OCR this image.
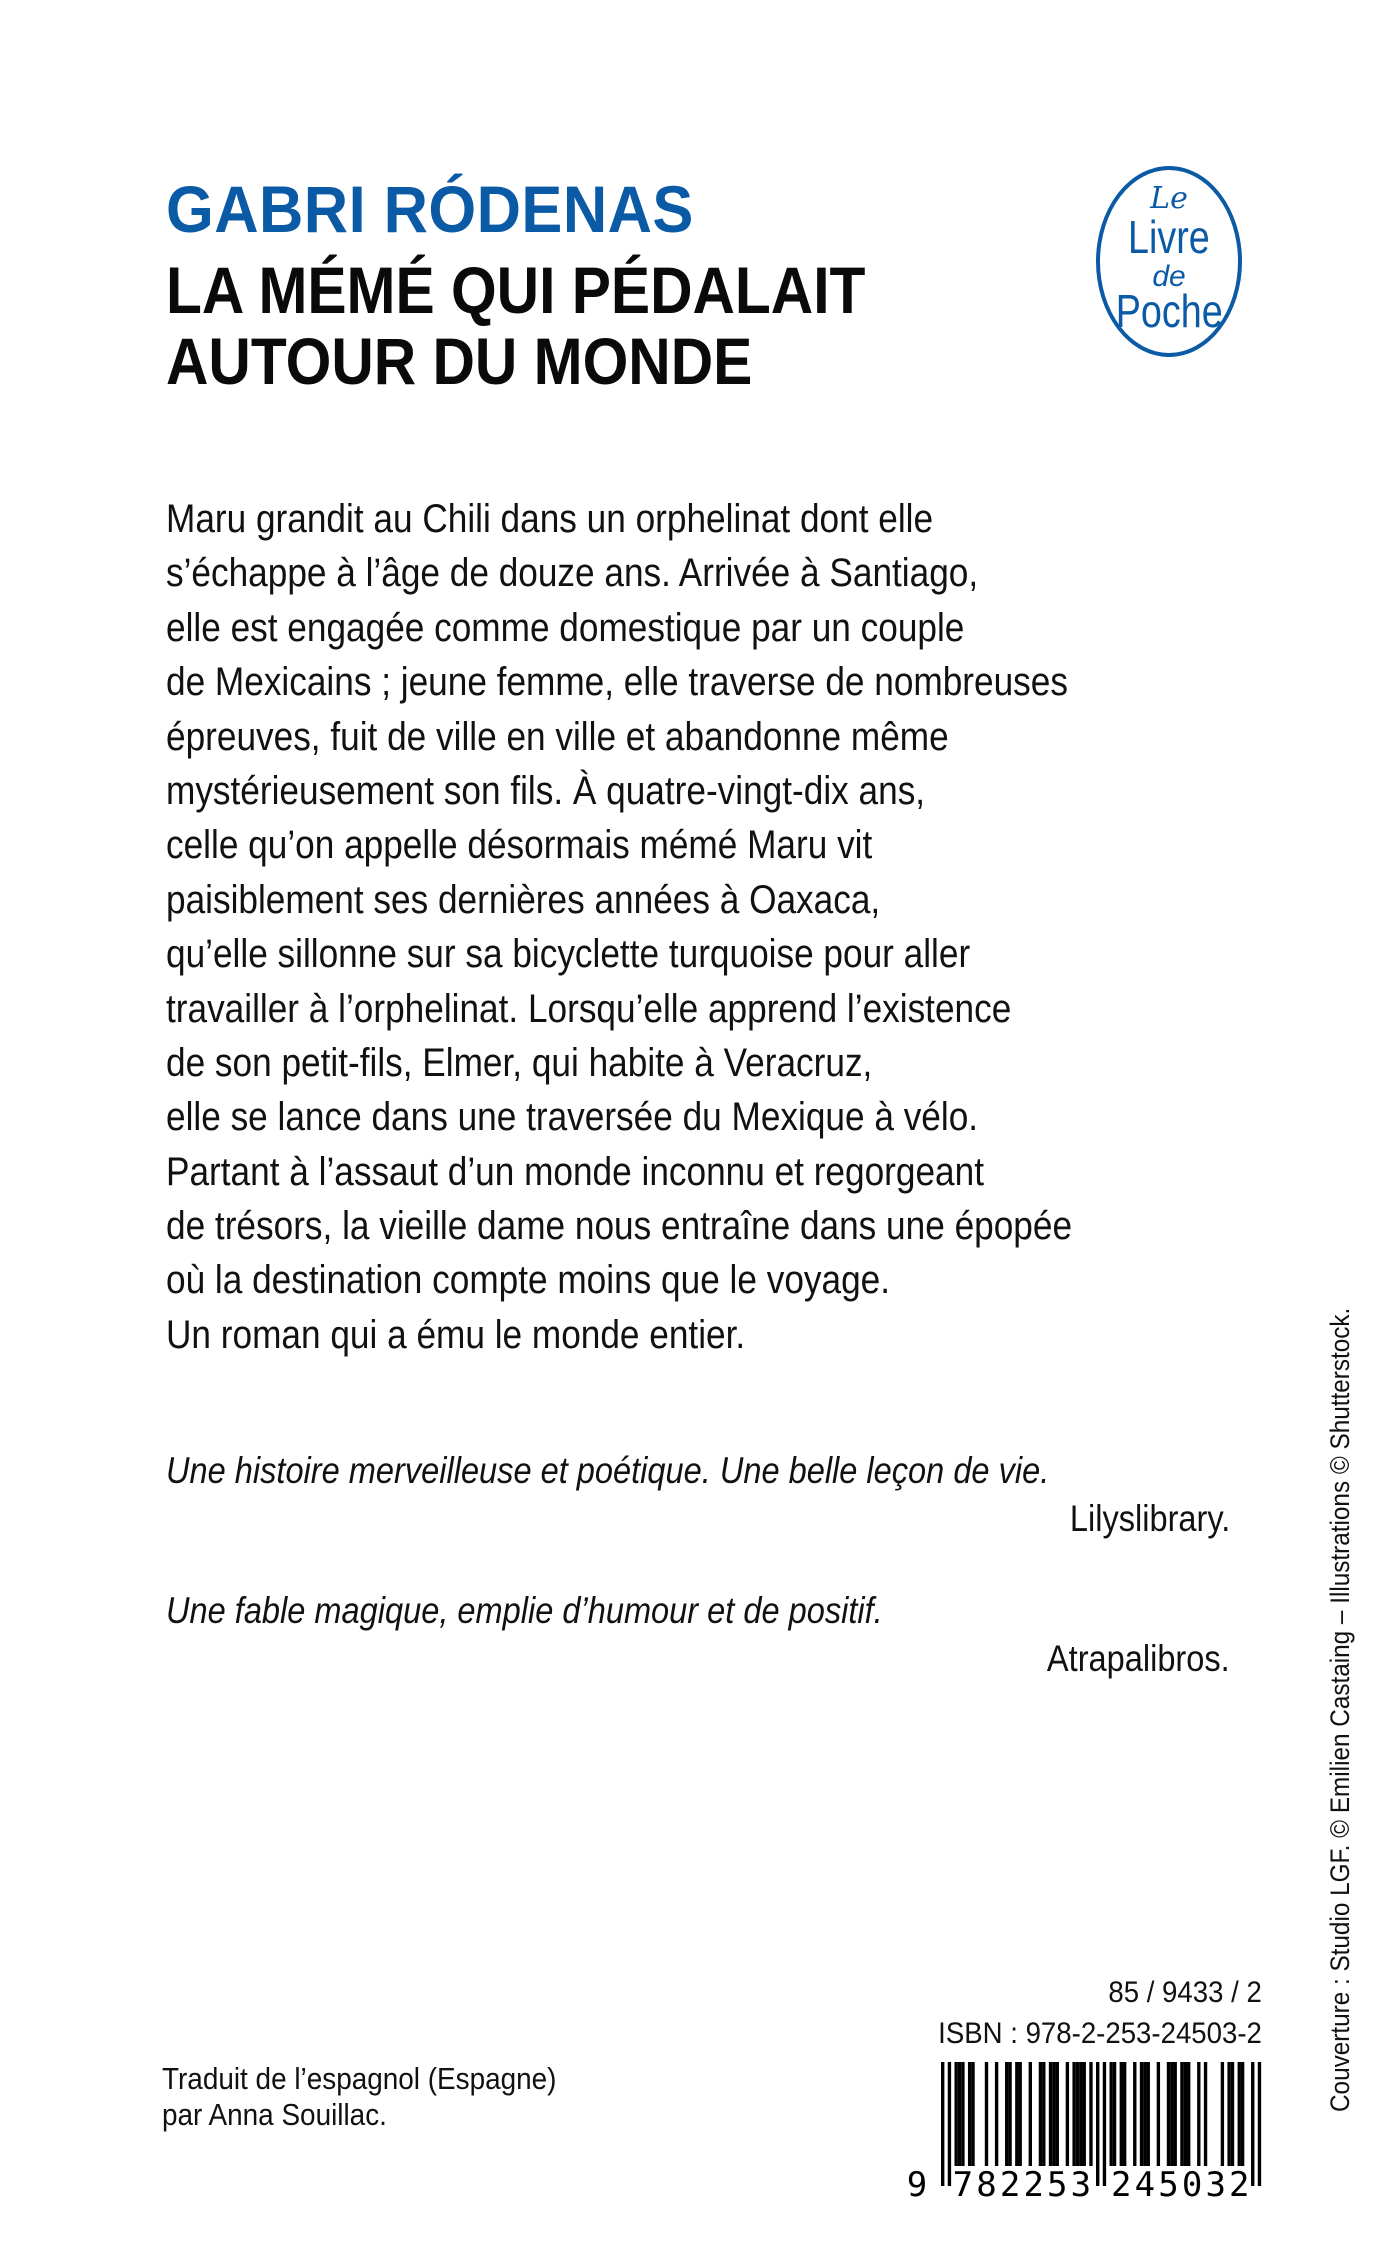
GABRI RÓDENAS
LA MÉMÉ QUI PÉDALAIT
AUTOUR DU MONDE
Le
Livre
de
Poche
Maru grandit au Chili dans un orphelinat dont elle
s’échappe à l’âge de douze ans. Arrivée à Santiago,
elle est engagée comme domestique par un couple
de Mexicains ; jeune femme, elle traverse de nombreuses
épreuves, fuit de ville en ville et abandonne même
mystérieusement son fils. À quatre-vingt-dix ans,
celle qu’on appelle désormais mémé Maru vit
paisiblement ses dernières années à Oaxaca,
qu’elle sillonne sur sa bicyclette turquoise pour aller
travailler à l’orphelinat. Lorsqu’elle apprend l’existence
de son petit-fils, Elmer, qui habite à Veracruz,
elle se lance dans une traversée du Mexique à vélo.
Partant à l’assaut d’un monde inconnu et regorgeant
de trésors, la vieille dame nous entraîne dans une épopée
où la destination compte moins que le voyage.
Un roman qui a ému le monde entier.
Une histoire merveilleuse et poétique. Une belle leçon de vie.
Lilyslibrary.
Une fable magique, emplie d’humour et de positif.
Atrapalibros.
Traduit de l’espagnol (Espagne)
par Anna Souillac.
85 / 9433 / 2
ISBN : 978-2-253-24503-2
9 7	2
8	4
2	5
2	0
5	3
3	2
Couverture : Studio LGF. © Emilien Castaing – Illustrations © Shutterstock.
